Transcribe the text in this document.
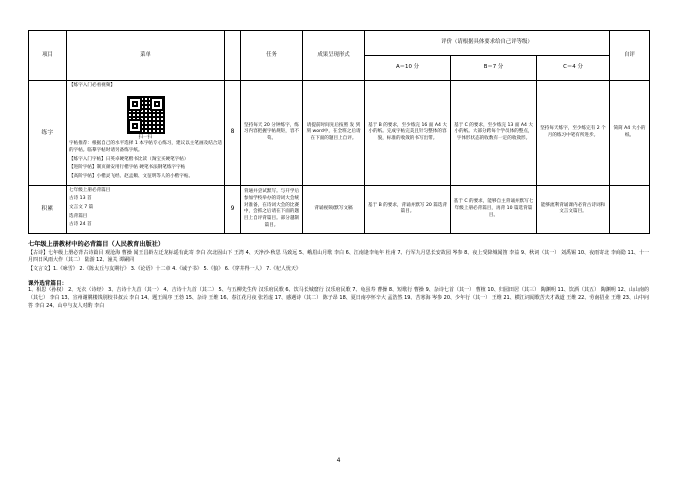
项目	菜单		任务	成果呈现形式	评价（请根据具体要求给自己评等级）			自评
					A＝10 分	B＝7 分	C＝4 分	
练字	
【练字入门必看视频】
扫一扫
字帖推荐：根据自己的水平选择 1 本字帖专心练习，建议以主笔画及结合适的字帖。临摹字帖时请另备练字纸。
【练字入门字帖】日英卓硬笔楷书比读（淘宝买硬笔字帖）
【进阶字帖】制页颜安用行楷字帖 硬笔书法钢笔练字字帖
【高阶字帖】小楷灵飞经、赵孟頫、文征明等人的小楷字帖。
	8	坚持每天 20 分钟练字，练习内容把握字帖规矩，容不苟。	请提前时间先后按照 发 到 刻 word中，在全班之后请在下面的题目上自评。	基于 B 的要求，至少练完 16 面 A4 大小的纸。完成字帖完美且针匀整体的容貌，标准的收敛的书写出带。	基于 C 的要求，至少练完 13 面 A4 大小的纸。大部分跨每个学员体的整点，字体形状态的收数有一定的收敛形。	坚持每天练字，至少练完有 2 个月的练习中笔有所进步。	简简 A4 大小的纸。
积累	七年级上册必背篇目
古诗 13 首
文言文 7 篇
选背篇目
古诗 24 首	9	背通并尝试默写。与开学后参加学校举办的诗词大会统对准备，在诗词大会的比赛中，会抓之后请在下面的题目上自评背篇目。部分越制篇目。	背诵视频/默写文稿	基于 B 的要求，背诵并默写 20 篇选背篇目。	基于 C 的要求，能够自主背诵并默写七年级上册必背篇目，再背 10 篇选背篇目。	能够流利背诵课内必背古诗词和文言文篇目。	
七年级上册教材中的必背篇目（人民教育出版社）
【古诗】七年级上册必背古诗篇目 观沧海 曹操 闻王昌龄左迁龙标遥有此寄 李白 次北固山下 王湾 4、天净沙·秋思 马致远 5、峨眉山月歌 李白 6、江南逢李龟年 杜甫 7、行军九月思长安故园 岑参 8、夜上受降城闻笛 李益 9、秋词（其一） 刘禹锡 10、夜雨寄北 李商隐 11、十一月四日风雨大作（其二） 陆游 12、潼关 谭嗣同
【文言文】1.《咏雪》 2.《陈太丘与友期行》 3.《论语》十二章 4.《诫子书》 5.《狼》 6.《穿井得一人》 7.《杞人忧天》
课外选背篇目：
1、相思（孙权） 2、无衣（诗经） 3、吉诗十九首（其一） 4、吉诗十九首（其二） 5、与五柳先生传 汉乐府民歌 6、饮马长城窟行 汉乐府民歌 7、龟虽寿 曹操 8、短歌行 曹操 9、杂诗七首（其一） 曹植 10、归园田居（其三） 陶渊明 11、饮酒（其五） 陶渊明 12、山山南的（其七） 李白 13、宣州谢朓楼饯别校书叔云 李白 14、题王阁序 王勃 15、杂诗 王维 16、春江花月夜 张若虚 17、感遇诗（其二） 陈子昂 18、夏日南亭怀辛大 孟浩然 19、苦寒海 岑参 20、少年行（其一） 王维 21、横江词闻歌苦夫才战道 王维 22、劳南招业 王维 23、山中问答 李白 24、山中与友人对酌 李白
4
